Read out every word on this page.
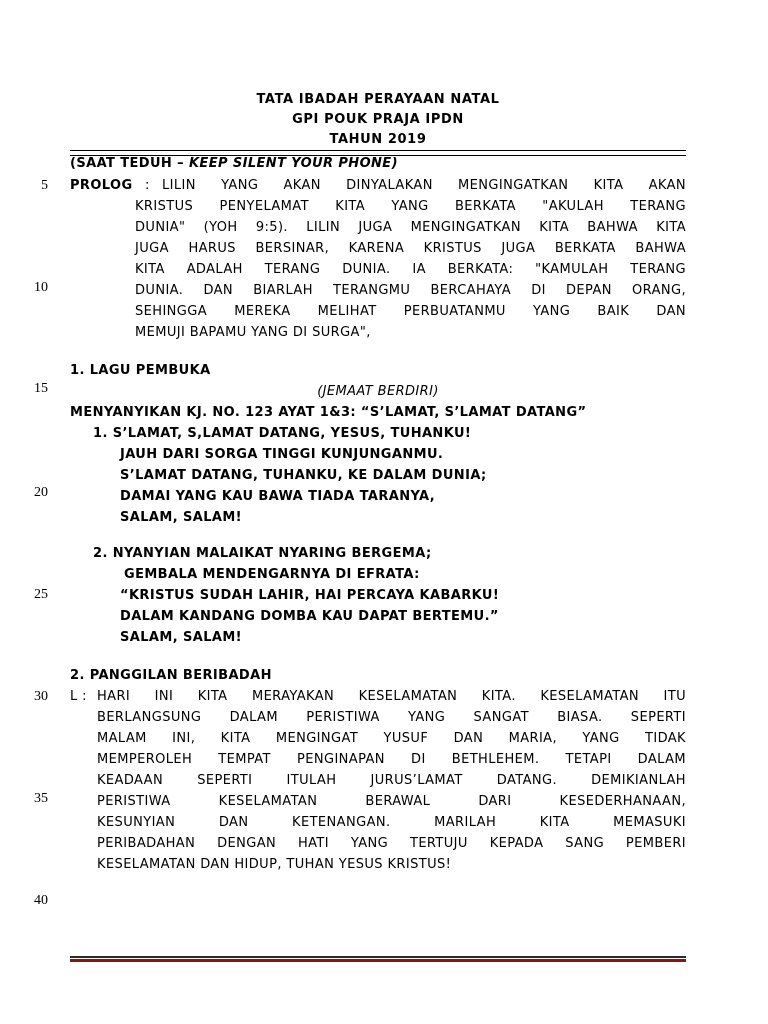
5
10
15
20
25
30
35
40
TATA IBADAH PERAYAAN NATAL
GPI POUK PRAJA IPDN
TAHUN 2019
(SAAT TEDUH – KEEP SILENT YOUR PHONE)
PROLOG : LILIN YANG AKAN DINYALAKAN MENGINGATKAN KITA AKAN
KRISTUS PENYELAMAT KITA YANG BERKATA "AKULAH TERANG
DUNIA" (YOH 9:5). LILIN JUGA MENGINGATKAN KITA BAHWA KITA
JUGA HARUS BERSINAR, KARENA KRISTUS JUGA BERKATA BAHWA
KITA ADALAH TERANG DUNIA. IA BERKATA: "KAMULAH TERANG
DUNIA. DAN BIARLAH TERANGMU BERCAHAYA DI DEPAN ORANG,
SEHINGGA MEREKA MELIHAT PERBUATANMU YANG BAIK DAN
MEMUJI BAPAMU YANG DI SURGA",
1. LAGU PEMBUKA
(JEMAAT BERDIRI)
MENYANYIKAN KJ. NO. 123 AYAT 1&3: “S’LAMAT, S’LAMAT DATANG”
1. S’LAMAT, S,LAMAT DATANG, YESUS, TUHANKU!
JAUH DARI SORGA TINGGI KUNJUNGANMU.
S’LAMAT DATANG, TUHANKU, KE DALAM DUNIA;
DAMAI YANG KAU BAWA TIADA TARANYA,
SALAM, SALAM!
2. NYANYIAN MALAIKAT NYARING BERGEMA;
GEMBALA MENDENGARNYA DI EFRATA:
“KRISTUS SUDAH LAHIR, HAI PERCAYA KABARKU!
DALAM KANDANG DOMBA KAU DAPAT BERTEMU.”
SALAM, SALAM!
2. PANGGILAN BERIBADAH
L : HARI INI KITA MERAYAKAN KESELAMATAN KITA. KESELAMATAN ITU
BERLANGSUNG DALAM PERISTIWA YANG SANGAT BIASA. SEPERTI
MALAM INI, KITA MENGINGAT YUSUF DAN MARIA, YANG TIDAK
MEMPEROLEH TEMPAT PENGINAPAN DI BETHLEHEM. TETAPI DALAM
KEADAAN SEPERTI ITULAH JURUS’LAMAT DATANG. DEMIKIANLAH
PERISTIWA KESELAMATAN BERAWAL DARI KESEDERHANAAN,
KESUNYIAN DAN KETENANGAN. MARILAH KITA MEMASUKI
PERIBADAHAN DENGAN HATI YANG TERTUJU KEPADA SANG PEMBERI
KESELAMATAN DAN HIDUP, TUHAN YESUS KRISTUS!
